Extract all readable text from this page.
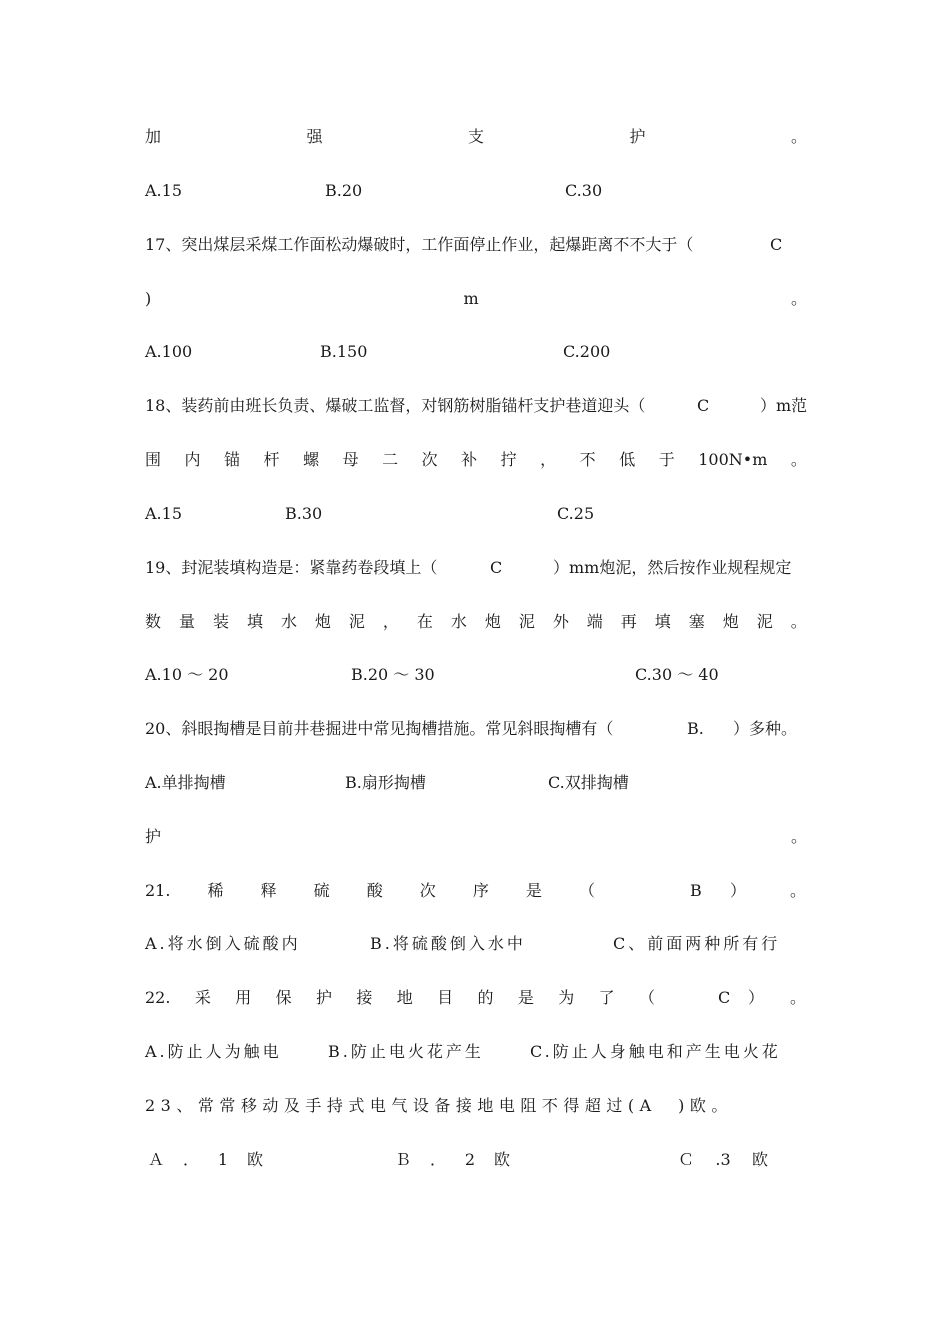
加	强	支	护	。
A.15	B.20	C.30
17、突出煤层采煤工作面松动爆破时，工作面停止作业，起爆距离不不大于（	C
)	m	。
A.100	B.150	C.200
18、装药前由班长负责、爆破工监督，对钢筋树脂锚杆支护巷道迎头（	C	）m范
围 内 锚 杆 螺 母 二 次 补 拧 ， 不 低 于 100N•m 。
A.15	B.30	C.25
19、封泥装填构造是：紧靠药卷段填上（	C	）mm炮泥，然后按作业规程规定
数 量 装 填 水 炮 泥 ， 在 水 炮 泥 外 端 再 填 塞 炮 泥 。
A.10 ～ 20	B.20 ～ 30	C.30 ～ 40
20、斜眼掏槽是目前井巷掘进中常见掏槽措施。常见斜眼掏槽有（	B. ）多种。
A.单排掏槽	B.扇形掏槽	C.双排掏槽
护	。
21. 稀 释 硫 酸 次 序 是 （	B ）	。
A.将水倒入硫酸内	B.将硫酸倒入水中	C、前面两种所有行
22. 采 用 保 护 接 地 目 的 是 为 了 （	C ） 。
A.防止人为触电	B.防止电火花产生	C.防止人身触电和产生电火花
23、常常移动及手持式电气设备接地电阻不得超过(A　)欧。
Ａ ． 1 欧	Ｂ ． 2 欧	Ｃ .3 欧
